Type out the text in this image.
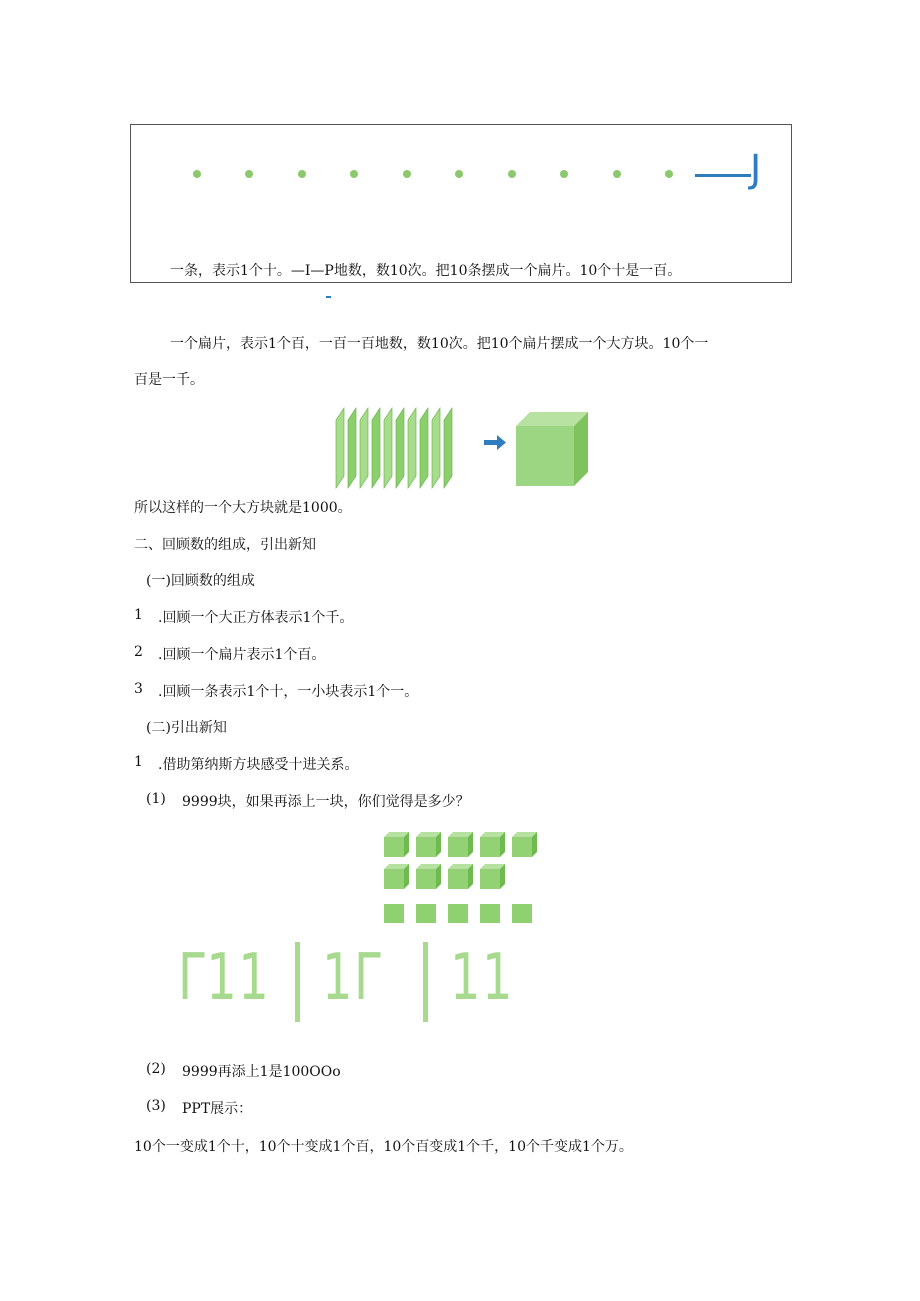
J
一条，表示1个十。—I—P地数，数10次。把10条摆成一个扁片。10个十是一百。
一个扁片，表示1个百，一百一百地数，数10次。把10个扁片摆成一个大方块。10个一
百是一千。
所以这样的一个大方块就是1000。
二、回顾数的组成，引出新知
(一)回顾数的组成
1 .回顾一个大正方体表示1个千。
2 .回顾一个扁片表示1个百。
3 .回顾一条表示1个十，一小块表示1个一。
(二)引出新知
1 .借助第纳斯方块感受十进关系。
(1) 9999块，如果再添上一块，你们觉得是多少？
Γ11 1Γ 11
(2) 9999再添上1是100OOo
(3) PPT展示：
10个一变成1个十，10个十变成1个百，10个百变成1个千，10个千变成1个万。
